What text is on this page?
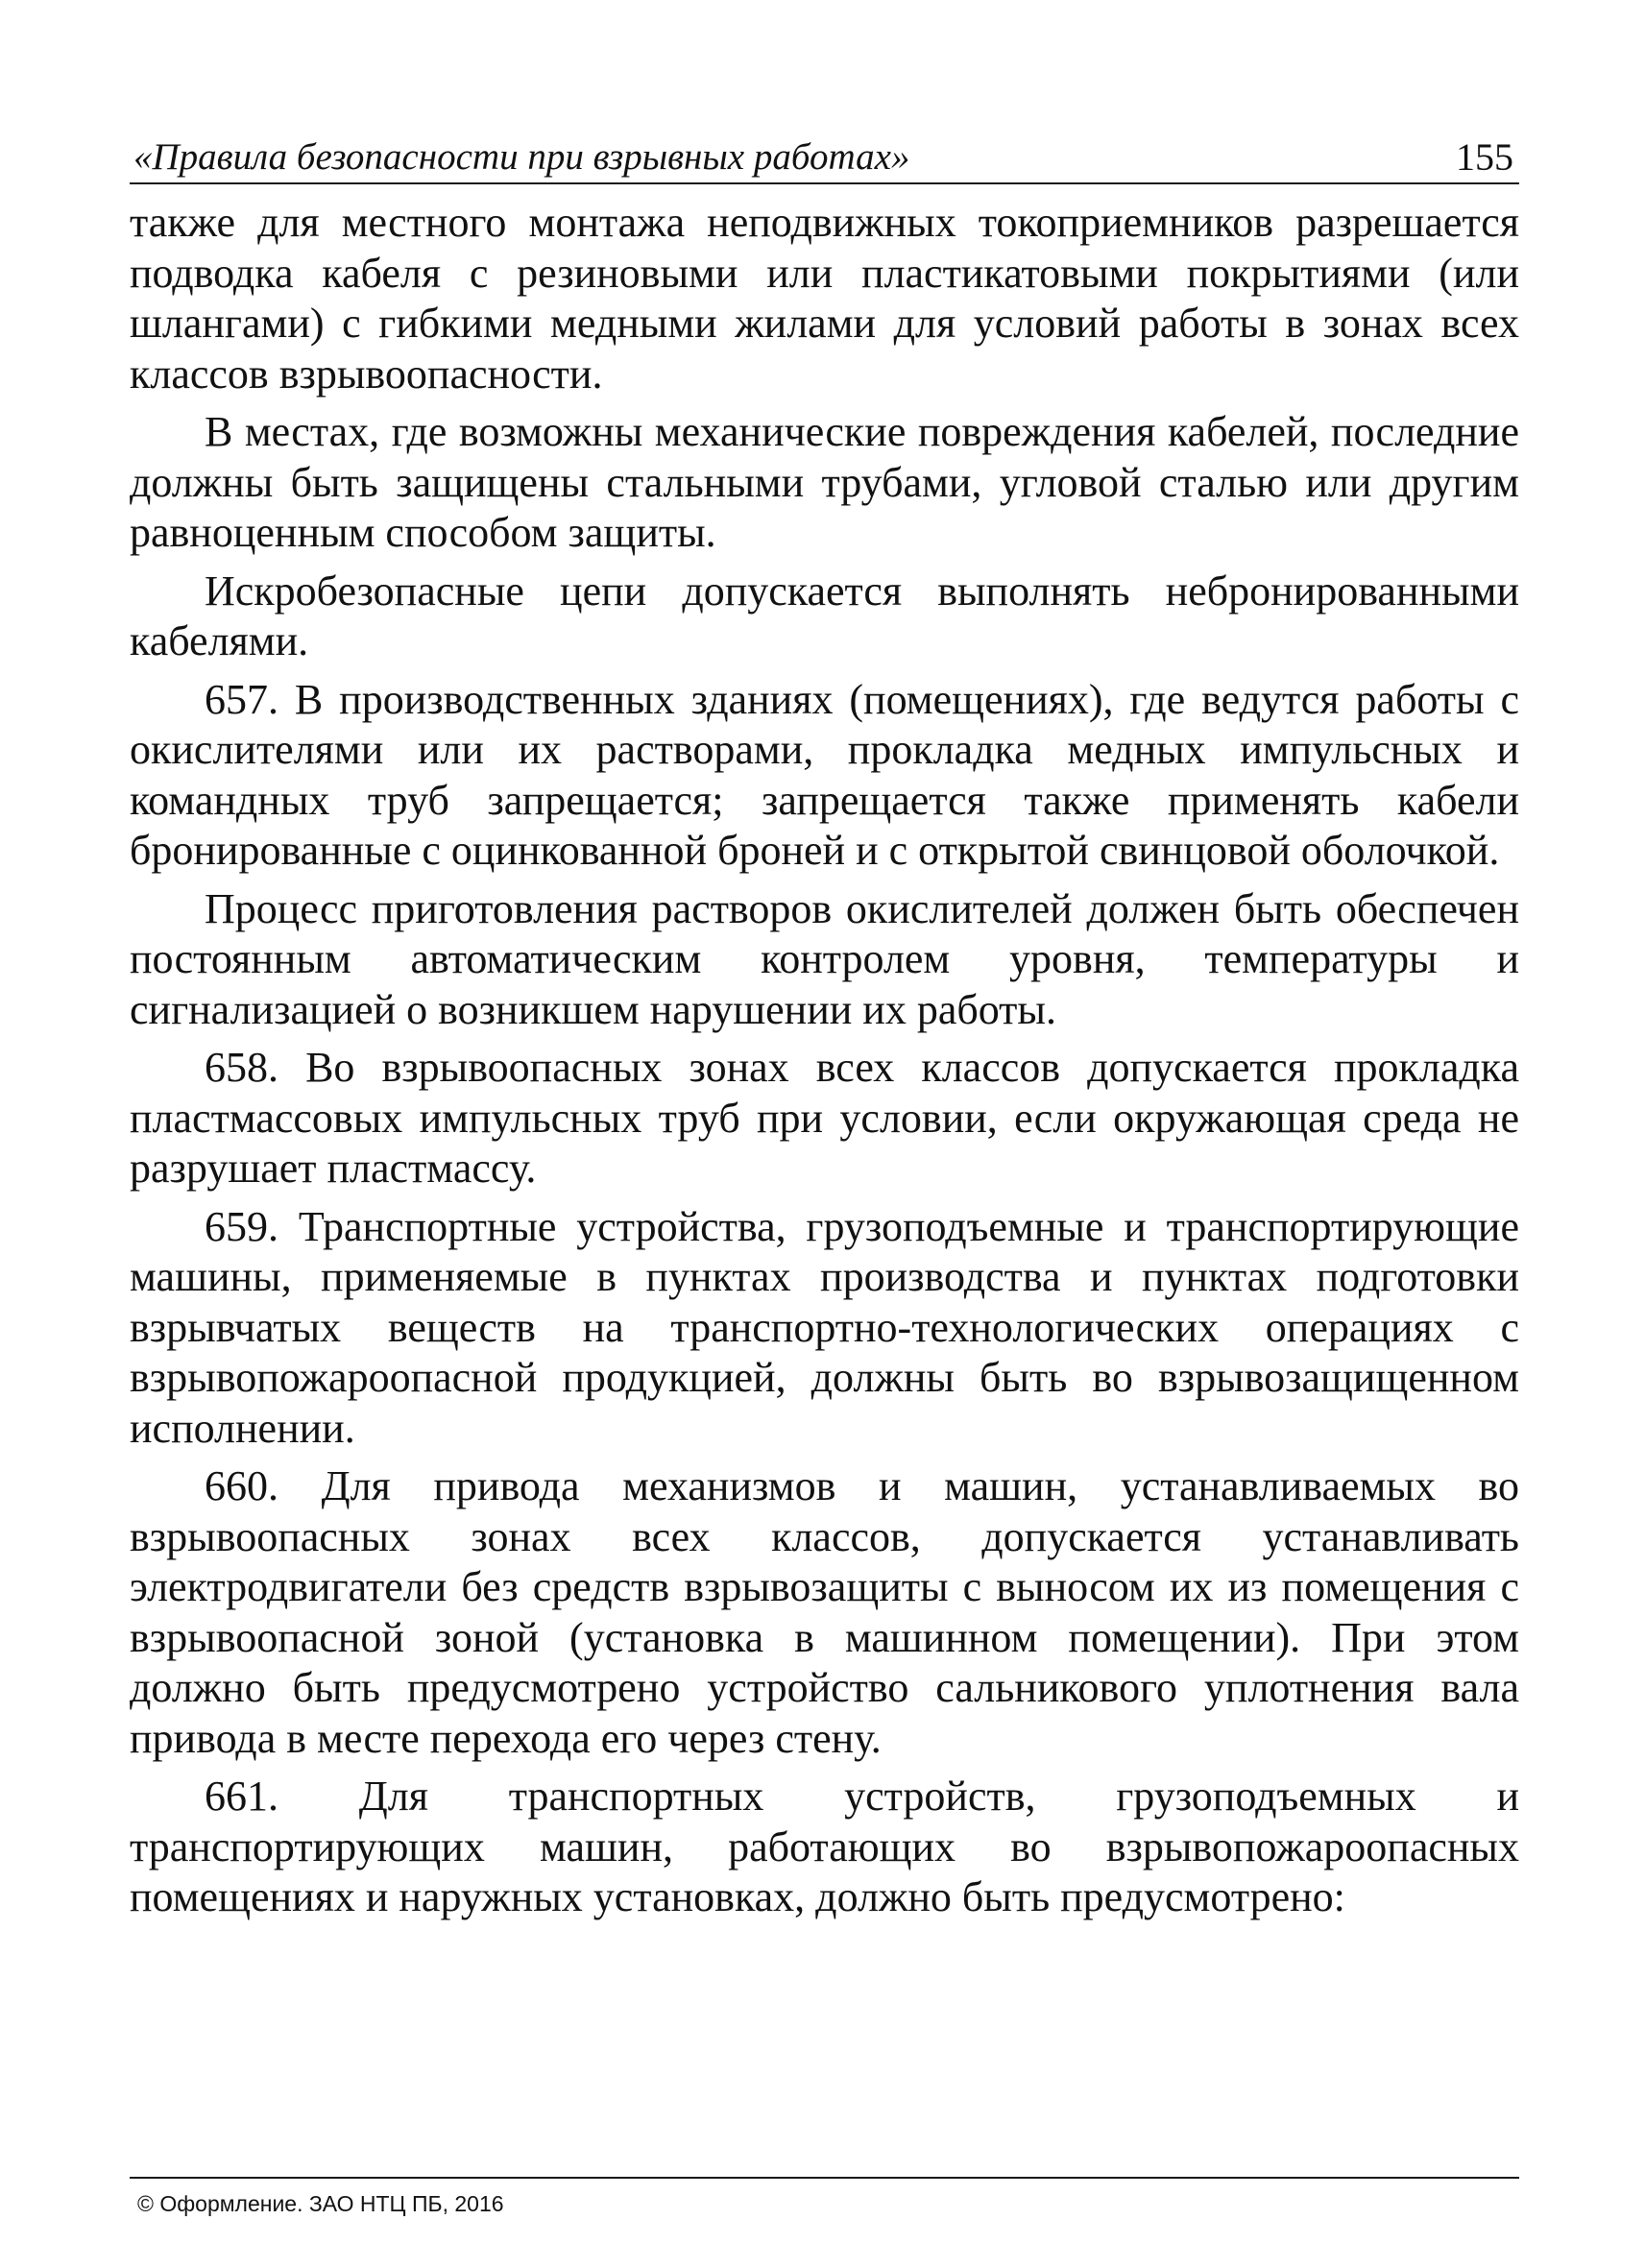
«Правила безопасности при взрывных работах»	155

также для местного монтажа неподвижных токоприемников разрешается подводка кабеля с резиновыми или пластикатовыми покрытиями (или шлангами) с гибкими медными жилами для условий работы в зонах всех классов взрывоопасности.

В местах, где возможны механические повреждения кабелей, последние должны быть защищены стальными трубами, угловой сталью или другим равноценным способом защиты.

Искробезопасные цепи допускается выполнять небронированными кабелями.

657. В производственных зданиях (помещениях), где ведутся работы с окислителями или их растворами, прокладка медных импульсных и командных труб запрещается; запрещается также применять кабели бронированные с оцинкованной броней и с открытой свинцовой оболочкой.

Процесс приготовления растворов окислителей должен быть обеспечен постоянным автоматическим контролем уровня, температуры и сигнализацией о возникшем нарушении их работы.

658. Во взрывоопасных зонах всех классов допускается прокладка пластмассовых импульсных труб при условии, если окружающая среда не разрушает пластмассу.

659. Транспортные устройства, грузоподъемные и транспортирующие машины, применяемые в пунктах производства и пунктах подготовки взрывчатых веществ на транспортно-технологических операциях с взрывопожароопасной продукцией, должны быть во взрывозащищенном исполнении.

660. Для привода механизмов и машин, устанавливаемых во взрывоопасных зонах всех классов, допускается устанавливать электродвигатели без средств взрывозащиты с выносом их из помещения с взрывоопасной зоной (установка в машинном помещении). При этом должно быть предусмотрено устройство сальникового уплотнения вала привода в месте перехода его через стену.

661. Для транспортных устройств, грузоподъемных и транспортирующих машин, работающих во взрывопожароопасных помещениях и наружных установках, должно быть предусмотрено:

© Оформление. ЗАО НТЦ ПБ, 2016
